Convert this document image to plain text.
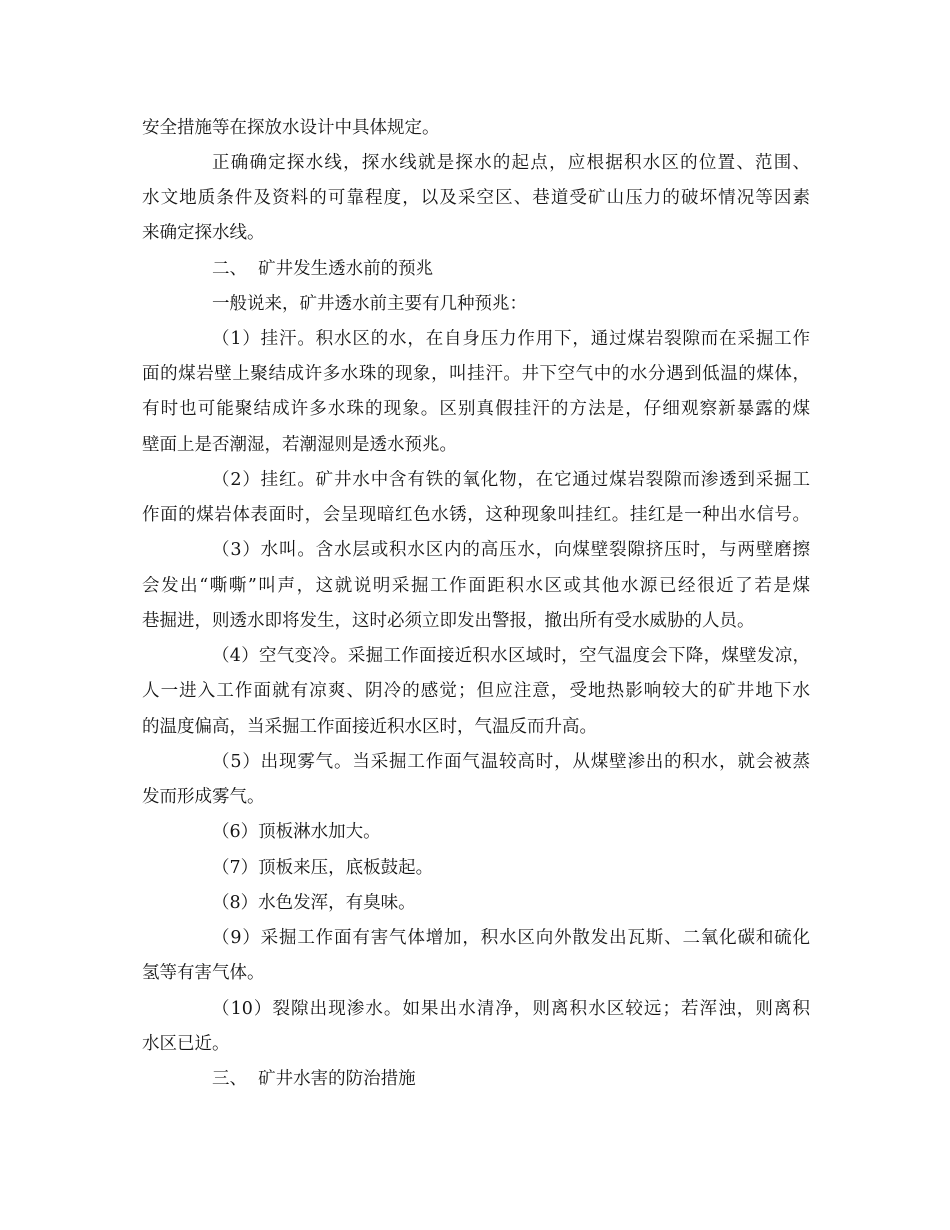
安全措施等在探放水设计中具体规定。

正确确定探水线，探水线就是探水的起点，应根据积水区的位置、范围、

水文地质条件及资料的可靠程度，以及采空区、巷道受矿山压力的破坏情况等因素

来确定探水线。

二、  矿井发生透水前的预兆

一般说来，矿井透水前主要有几种预兆：

（1）挂汗。积水区的水，在自身压力作用下，通过煤岩裂隙而在采掘工作

面的煤岩壁上聚结成许多水珠的现象，叫挂汗。井下空气中的水分遇到低温的煤体，

有时也可能聚结成许多水珠的现象。区别真假挂汗的方法是，仔细观察新暴露的煤

壁面上是否潮湿，若潮湿则是透水预兆。

（2）挂红。矿井水中含有铁的氧化物，在它通过煤岩裂隙而渗透到采掘工

作面的煤岩体表面时，会呈现暗红色水锈，这种现象叫挂红。挂红是一种出水信号。

（3）水叫。含水层或积水区内的高压水，向煤壁裂隙挤压时，与两壁磨擦

会发出“嘶嘶”叫声，这就说明采掘工作面距积水区或其他水源已经很近了若是煤

巷掘进，则透水即将发生，这时必须立即发出警报，撤出所有受水威胁的人员。

（4）空气变冷。采掘工作面接近积水区域时，空气温度会下降，煤壁发凉，

人一进入工作面就有凉爽、阴冷的感觉；但应注意，受地热影响较大的矿井地下水

的温度偏高，当采掘工作面接近积水区时，气温反而升高。

（5）出现雾气。当采掘工作面气温较高时，从煤壁渗出的积水，就会被蒸

发而形成雾气。

（6）顶板淋水加大。

（7）顶板来压，底板鼓起。

（8）水色发浑，有臭味。

（9）采掘工作面有害气体增加，积水区向外散发出瓦斯、二氧化碳和硫化

氢等有害气体。

（10）裂隙出现渗水。如果出水清净，则离积水区较远；若浑浊，则离积

水区已近。

三、  矿井水害的防治措施
